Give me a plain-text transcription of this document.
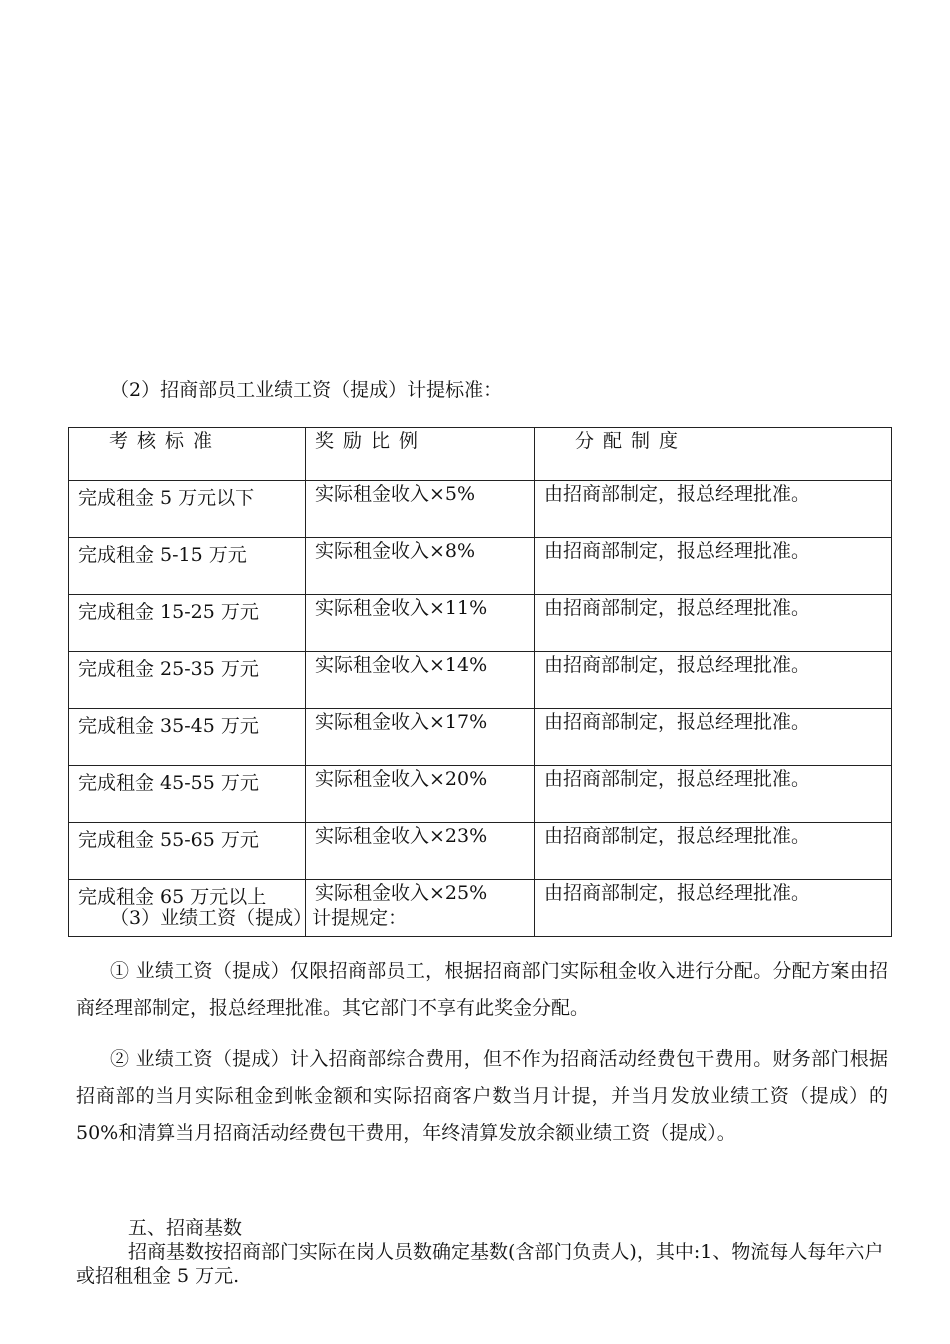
（2）招商部员工业绩工资（提成）计提标准：
考核标准	奖励比例	分配制度
完成租金 5 万元以下	实际租金收入×5%	由招商部制定，报总经理批准。
完成租金 5-15 万元	实际租金收入×8%	由招商部制定，报总经理批准。
完成租金 15-25 万元	实际租金收入×11%	由招商部制定，报总经理批准。
完成租金 25-35 万元	实际租金收入×14%	由招商部制定，报总经理批准。
完成租金 35-45 万元	实际租金收入×17%	由招商部制定，报总经理批准。
完成租金 45-55 万元	实际租金收入×20%	由招商部制定，报总经理批准。
完成租金 55-65 万元	实际租金收入×23%	由招商部制定，报总经理批准。
完成租金 65 万元以上	实际租金收入×25%	由招商部制定，报总经理批准。
（3）业绩工资（提成）计提规定：
① 业绩工资（提成）仅限招商部员工，根据招商部门实际租金收入进行分配。分配方案由招商经理部制定，报总经理批准。其它部门不享有此奖金分配。
② 业绩工资（提成）计入招商部综合费用，但不作为招商活动经费包干费用。财务部门根据招商部的当月实际租金到帐金额和实际招商客户数当月计提，并当月发放业绩工资（提成）的 50%和清算当月招商活动经费包干费用，年终清算发放余额业绩工资（提成）。
五、招商基数
招商基数按招商部门实际在岗人员数确定基数(含部门负责人)，其中:1、物流每人每年六户或招租租金 5 万元.
